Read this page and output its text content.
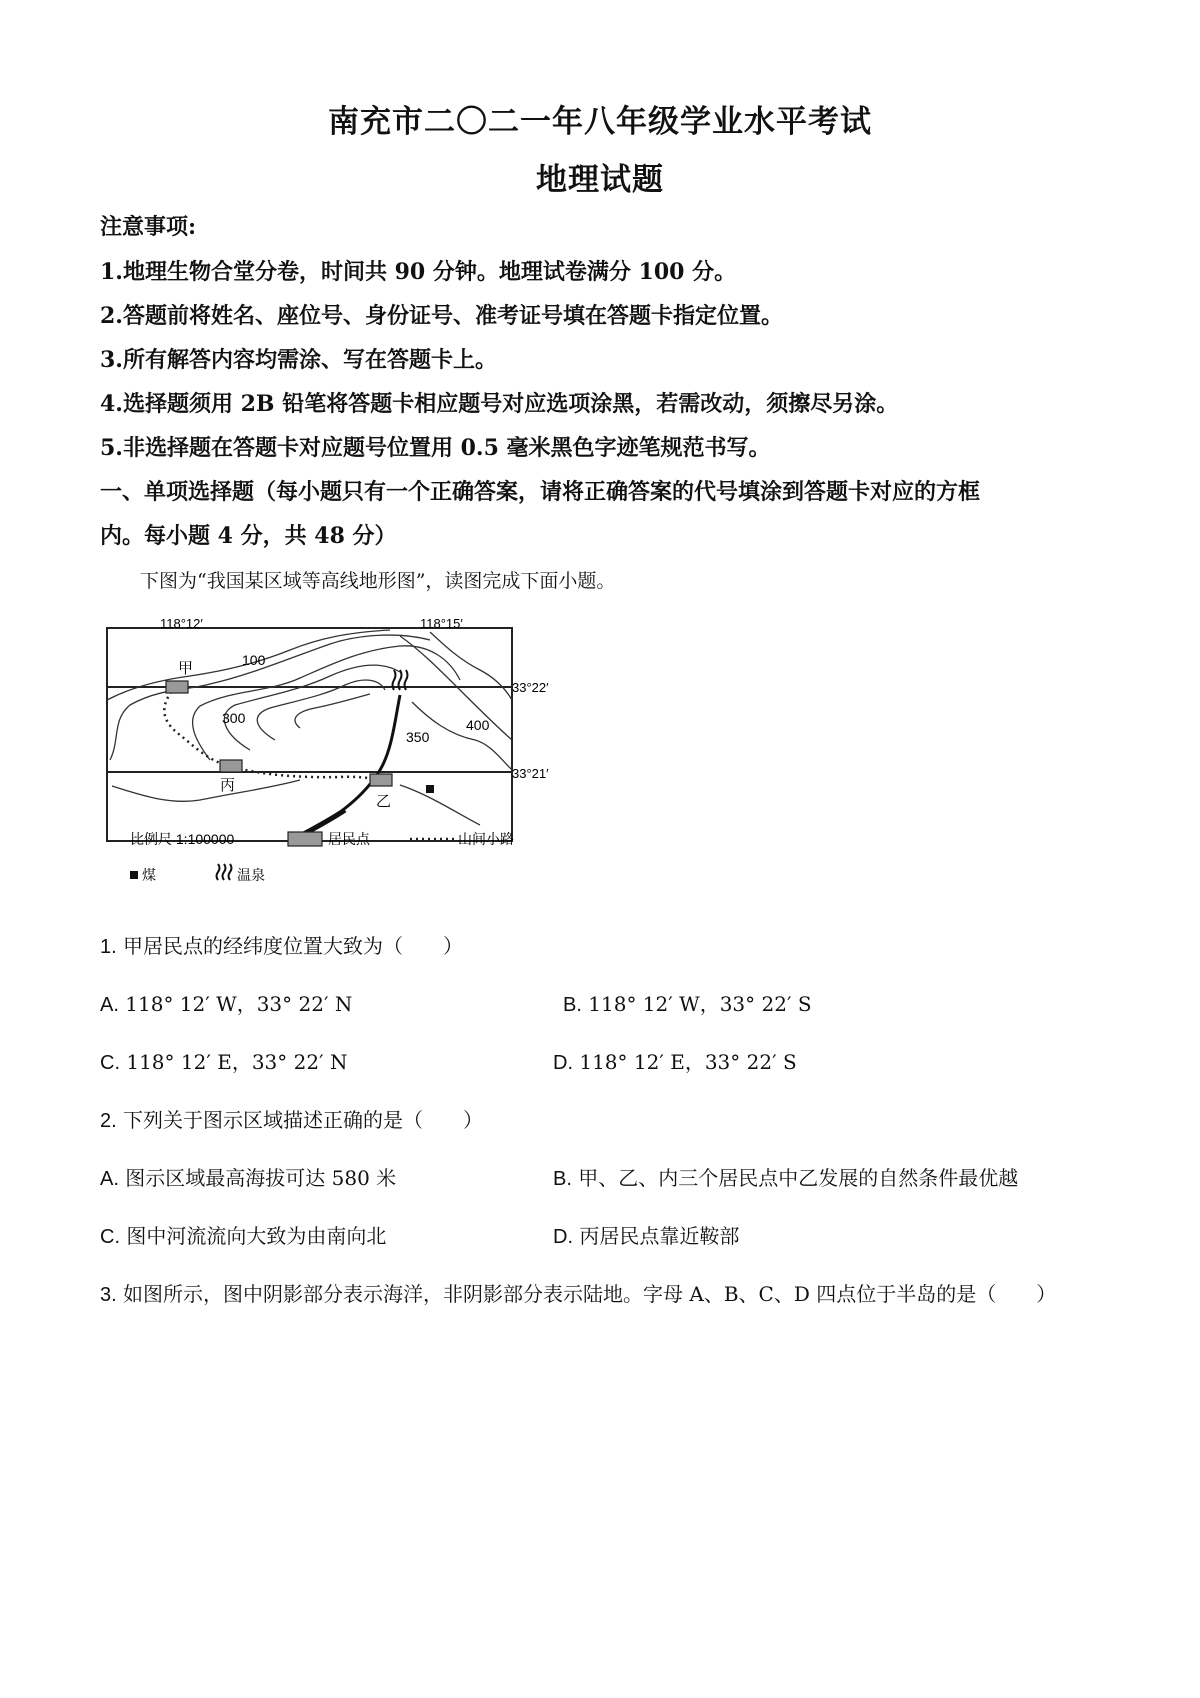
南充市二〇二一年八年级学业水平考试
地理试题
注意事项:
1.地理生物合堂分卷，时间共 90 分钟。地理试卷满分 100 分。
2.答题前将姓名、座位号、身份证号、准考证号填在答题卡指定位置。
3.所有解答内容均需涂、写在答题卡上。
4.选择题须用 2B 铅笔将答题卡相应题号对应选项涂黑，若需改动，须擦尽另涂。
5.非选择题在答题卡对应题号位置用 0.5 毫米黑色字迹笔规范书写。
一、单项选择题（每小题只有一个正确答案，请将正确答案的代号填涂到答题卡对应的方框
内。每小题 4 分，共 48 分）
下图为“我国某区域等高线地形图”，读图完成下面小题。
118°12′	118°15′
33°22′
33°21′
甲
丙
乙
100
300
350
400
比例尺 1:100000	居民点	山间小路
煤	温泉
1. 甲居民点的经纬度位置大致为（　　）
A. 118° 12′ W，33° 22′ N	B. 118° 12′ W，33° 22′ S
C. 118° 12′ E，33° 22′ N	D. 118° 12′ E，33° 22′ S
2. 下列关于图示区域描述正确的是（　　）
A. 图示区域最高海拔可达 580 米	B. 甲、乙、内三个居民点中乙发展的自然条件最优越
C. 图中河流流向大致为由南向北	D. 丙居民点靠近鞍部
3. 如图所示，图中阴影部分表示海洋，非阴影部分表示陆地。字母 A、B、C、D 四点位于半岛的是（　　）
